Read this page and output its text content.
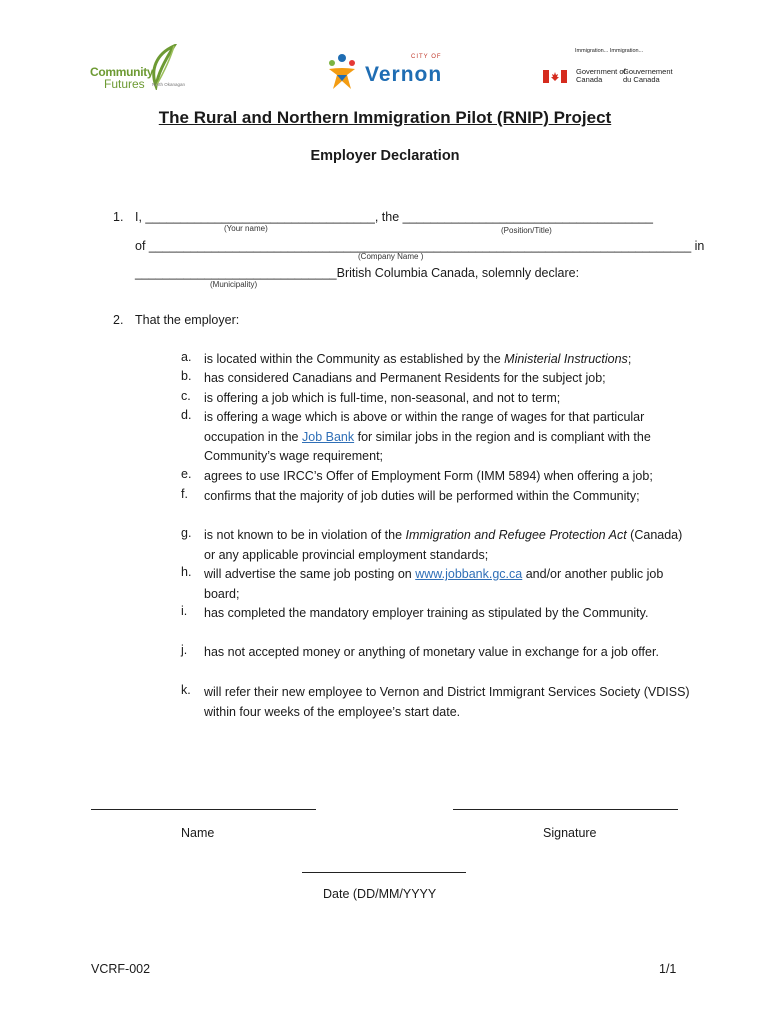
Community
Futures North Okanagan
CITY OF
Vernon
Immigration... Immigration...
Government of Canada
Gouvernement du Canada
The Rural and Northern Immigration Pilot (RNIP) Project
Employer Declaration
1. I, _________________________________, the ____________________________________
(Your name)	(Position/Title)
of ______________________________________________________________________________ in
(Company Name )
_____________________________British Columbia Canada, solemnly declare:
(Municipality)
2. That the employer:
a. is located within the Community as established by the Ministerial Instructions;
b. has considered Canadians and Permanent Residents for the subject job;
c.	is offering a job which is full-time, non-seasonal, and not to term;
d. is offering a wage which is above or within the range of wages for that particular occupation in the Job Bank for similar jobs in the region and is compliant with the Community’s wage requirement;
e. agrees to use IRCC’s Offer of Employment Form (IMM 5894) when offering a job;
f.	confirms that the majority of job duties will be performed within the Community;
g. is not known to be in violation of the Immigration and Refugee Protection Act (Canada) or any applicable provincial employment standards;
h. will advertise the same job posting on www.jobbank.gc.ca and/or another public job board;
i.	has completed the mandatory employer training as stipulated by the Community.
j.	has not accepted money or anything of monetary value in exchange for a job offer.
k.	will refer their new employee to Vernon and District Immigrant Services Society (VDISS) within four weeks of the employee’s start date.
Name	Signature
Date (DD/MM/YYYY
VCRF-002	1/1
